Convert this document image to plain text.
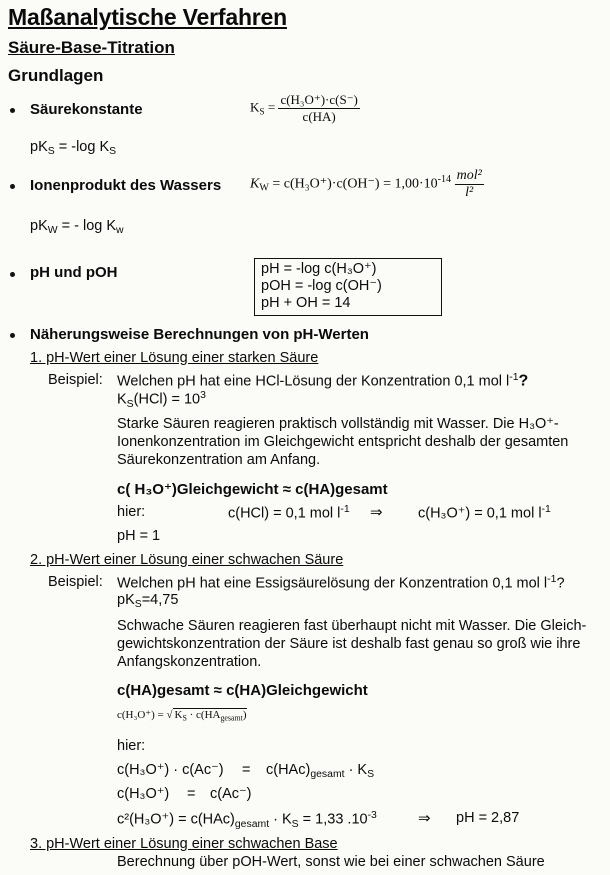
Maßanalytische Verfahren
Säure-Base-Titration
Grundlagen
Säurekonstante	$K_S = \frac{\text{c(H₃O⁺)·c(S⁻)}}{c(HA)}$
$pK_S = -\log$ $K_S$
Ionenprodukt des Wassers $K_W = c(H_3O^+)\cdot c(OH^-) = 1,00\cdot 10^{-14} \frac{\text{mol²}}{\text{l²}}$
$pK_W$ = - $\log K_w$
pH und pOH	pH = -log c(H₃O⁺)
pOH = -log c(OH⁻)
pH + OH = 14
Näherungsweise Berechnungen von pH-Werten
1. pH-Wert einer Lösung einer starken Säure
Beispiel: Welchen pH hat eine HCl-Lösung der Konzentration 0,1 mol $l^{-1}$?
$K_S(HCl) = 10^3$
Starke Säuren reagieren praktisch vollständig mit Wasser. Die H₃O⁺-
Ionenkonzentration im Gleichgewicht entspricht deshalb der gesamten
Säurekonzentration am Anfang.
c( H₃O⁺)Gleichgewicht ≈ c(HA)gesamt
hier:	c(HCl) = 0,1 mol $l^{-1}$ ⇒ c(H₃O⁺) = 0,1 mol $l^{-1}$
pH = 1
2. pH-Wert einer Lösung einer schwachen Säure
Beispiel: Welchen pH hat eine Essigsäurelösung der Konzentration 0,1 mol $l^{-1}$?
$pK_S=4,75$
Schwache Säuren reagieren fast überhaupt nicht mit Wasser. Die Gleich-
gewichtskonzentration der Säure ist deshalb fast genau so groß wie ihre
Anfangskonzentration.
c(HA)gesamt ≈ c(HA)Gleichgewicht
c(H₃O⁺) = √ $K_S \cdot c(HA_{gesamt})$
hier:
$c(H_3O^+) \cdot c(Ac^-) = c(HAc)_{gesamt} \cdot K_S$
c(H₃O⁺) = c(Ac⁻)
$c^2(H_3O^+) = c(HAc)_{gesamt} \cdot K_S = 1,33$ $.10^{-3}$	⇒ pH = 2,87
3. pH-Wert einer Lösung einer schwachen Base
Berechnung über pOH-Wert, sonst wie bei einer schwachen Säure
